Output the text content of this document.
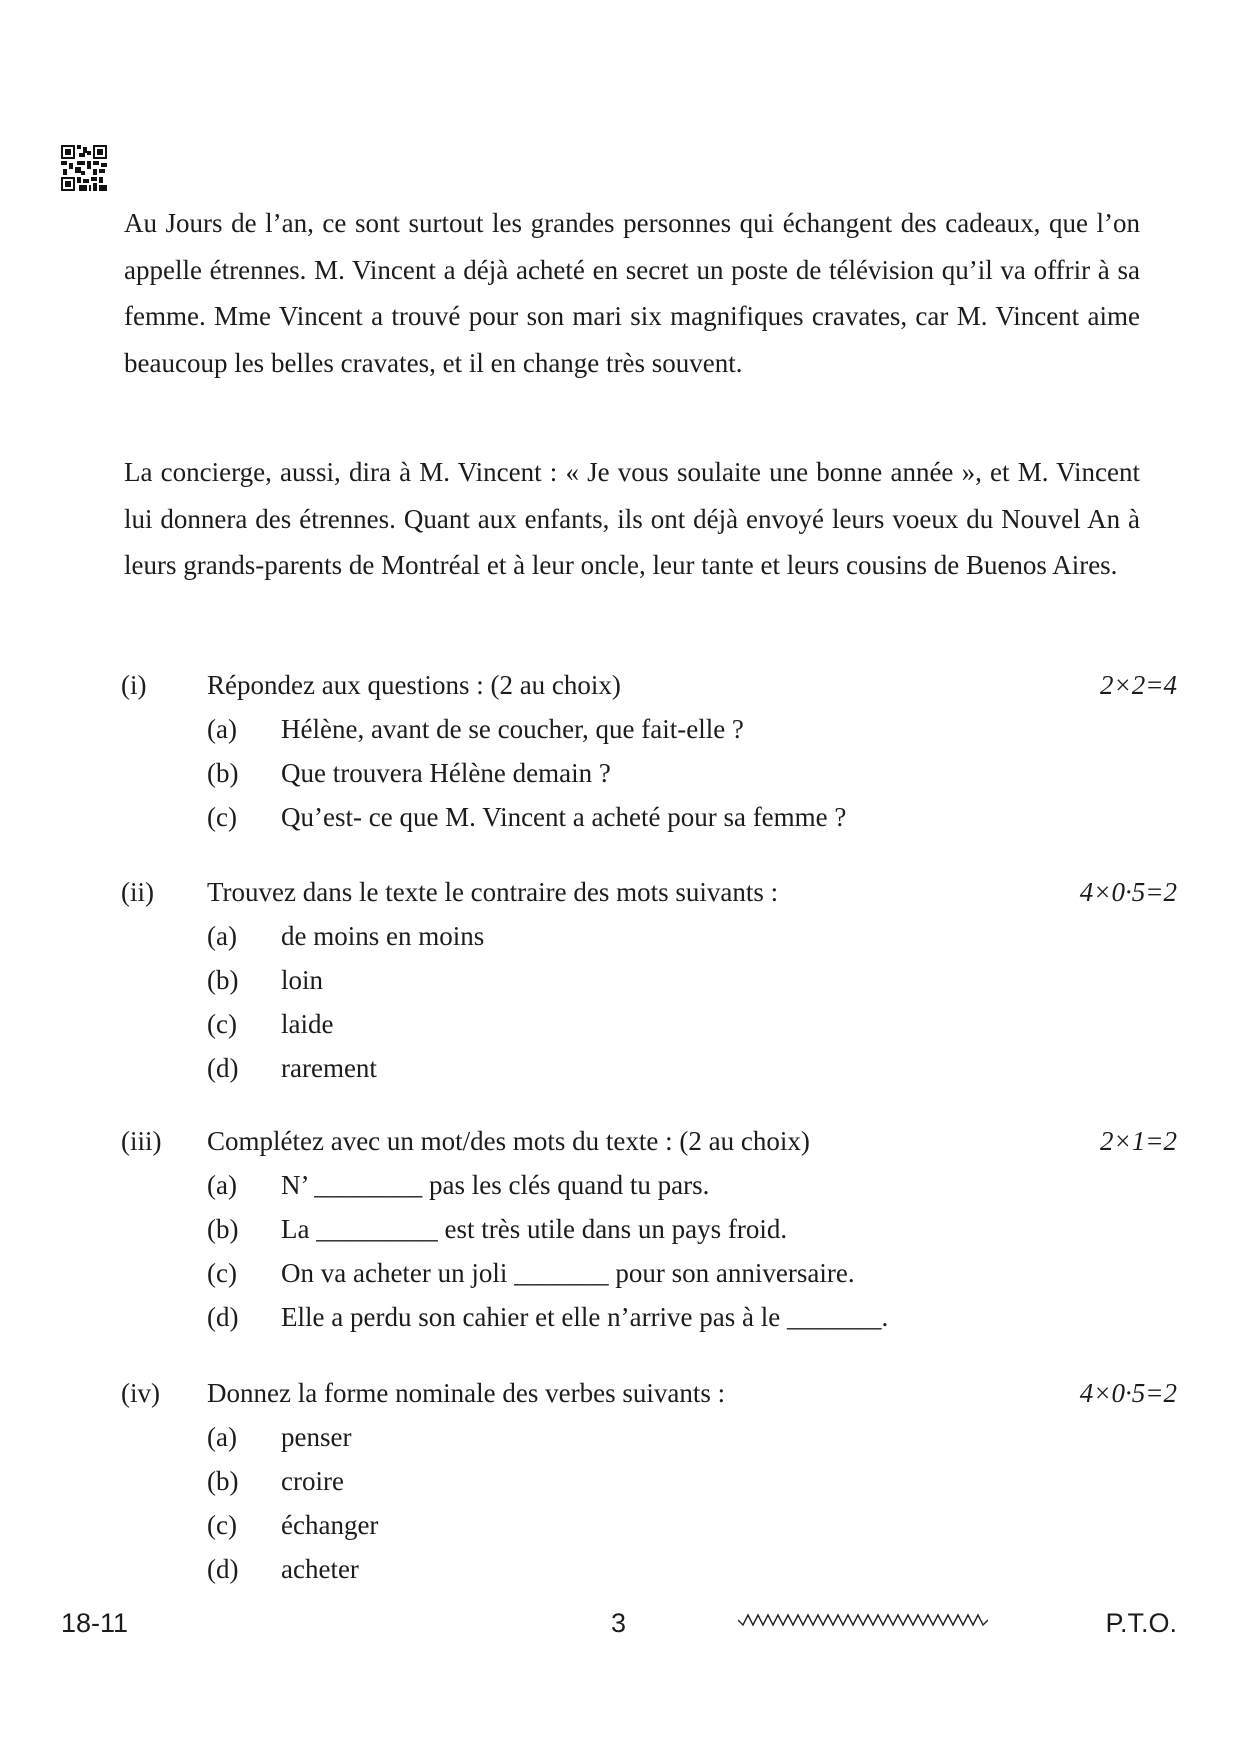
Au Jours de l’an, ce sont surtout les grandes personnes qui échangent des cadeaux, que l’on appelle étrennes. M. Vincent a déjà acheté en secret un poste de télévision qu’il va offrir à sa femme. Mme Vincent a trouvé pour son mari six magnifiques cravates, car M. Vincent aime beaucoup les belles cravates, et il en change très souvent.

La concierge, aussi, dira à M. Vincent : « Je vous soulaite une bonne année », et M. Vincent lui donnera des étrennes. Quant aux enfants, ils ont déjà envoyé leurs voeux du Nouvel An à leurs grands-parents de Montréal et à leur oncle, leur tante et leurs cousins de Buenos Aires.

(i) Répondez aux questions : (2 au choix)	2×2=4
(a) Hélène, avant de se coucher, que fait-elle ?
(b) Que trouvera Hélène demain ?
(c) Qu’est- ce que M. Vincent a acheté pour sa femme ?
(ii) Trouvez dans le texte le contraire des mots suivants :	4×0·5=2
(a) de moins en moins
(b) loin
(c) laide
(d) rarement
(iii) Complétez avec un mot/des mots du texte : (2 au choix)	2×1=2
(a) N’ ________ pas les clés quand tu pars.
(b) La _________ est très utile dans un pays froid.
(c) On va acheter un joli _______ pour son anniversaire.
(d) Elle a perdu son cahier et elle n’arrive pas à le _______.
(iv) Donnez la forme nominale des verbes suivants :	4×0·5=2
(a) penser
(b) croire
(c) échanger
(d) acheter
18-11	3	P.T.O.
